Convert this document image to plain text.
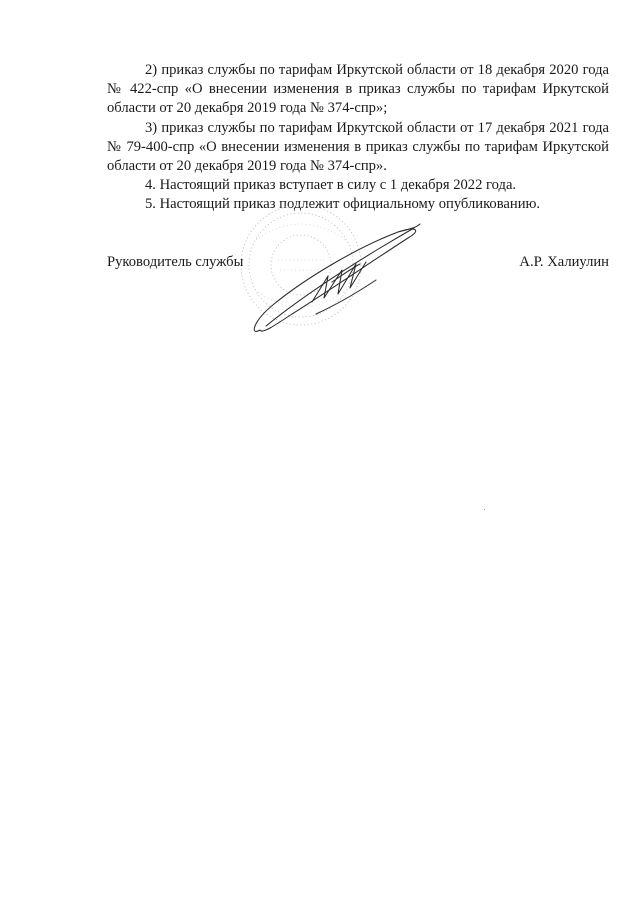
2) приказ службы по тарифам Иркутской области от 18 декабря 2020 года № 422-спр «О внесении изменения в приказ службы по тарифам Иркутской области от 20 декабря 2019 года № 374-спр»;

3) приказ службы по тарифам Иркутской области от 17 декабря 2021 года № 79-400-спр «О внесении изменения в приказ службы по тарифам Иркутской области от 20 декабря 2019 года № 374-спр».

4. Настоящий приказ вступает в силу с 1 декабря 2022 года.

5. Настоящий приказ подлежит официальному опубликованию.

Руководитель службы	А.Р. Халиулин
